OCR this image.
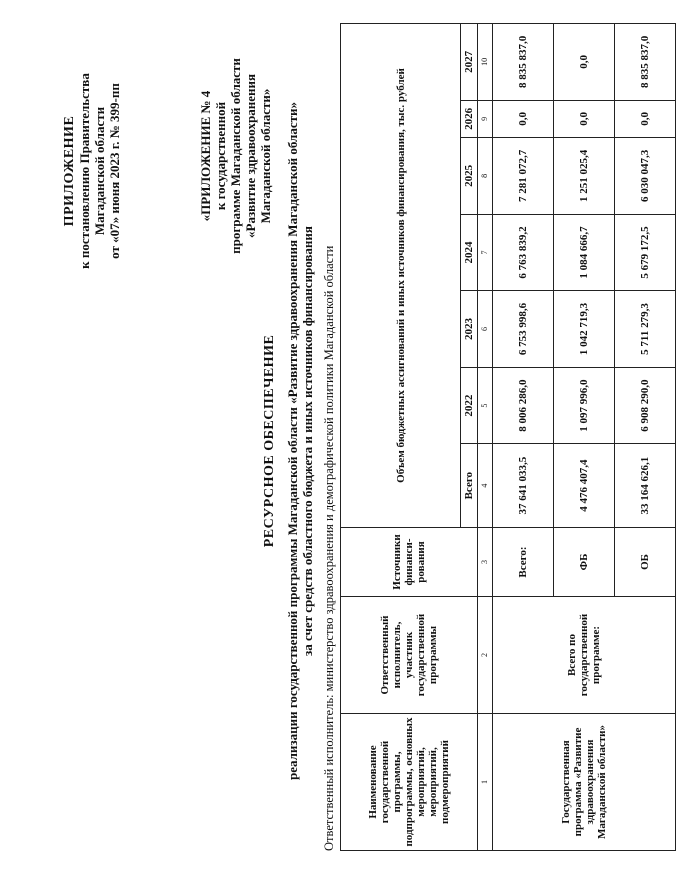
ПРИЛОЖЕНИЕ к постановлению Правительства Магаданской области от «07» июня 2023 г. № 399-пп	«ПРИЛОЖЕНИЕ № 4 к государственной программе Магаданской области «Развитие здравоохранения Магаданской области»
РЕСУРСНОЕ ОБЕСПЕЧЕНИЕ реализации государственной программы Магаданской области «Развитие здравоохранения Магаданской области» за счет средств областного бюджета и иных источников финансирования Ответственный исполнитель: министерство здравоохранения и демографической политики Магаданской области	Наименование государственной программы, подпрограммы, основных мероприятий, мероприятий, подмероприятий	Ответственный исполнитель, участник государственной программы	Источники финанси-рования	Объем бюджетных ассигнований и иных источников финансирования, тыс. рублей						
			Всего	2022	2023	2024	2025	2026	2027
1	2	3	4	5	6	7	8	9	10
Государственная программа «Развитие здравоохранения Магаданской области»	Всего по государственной программе:	Всего:	37 641 033,5	8 006 286,0	6 753 998,6	6 763 839,2	7 281 072,7	0,0	8 835 837,0
		ФБ	4 476 407,4	1 097 996,0	1 042 719,3	1 084 666,7	1 251 025,4	0,0	0,0
		ОБ	33 164 626,1	6 908 290,0	5 711 279,3	5 679 172,5	6 030 047,3	0,0	8 835 837,0
